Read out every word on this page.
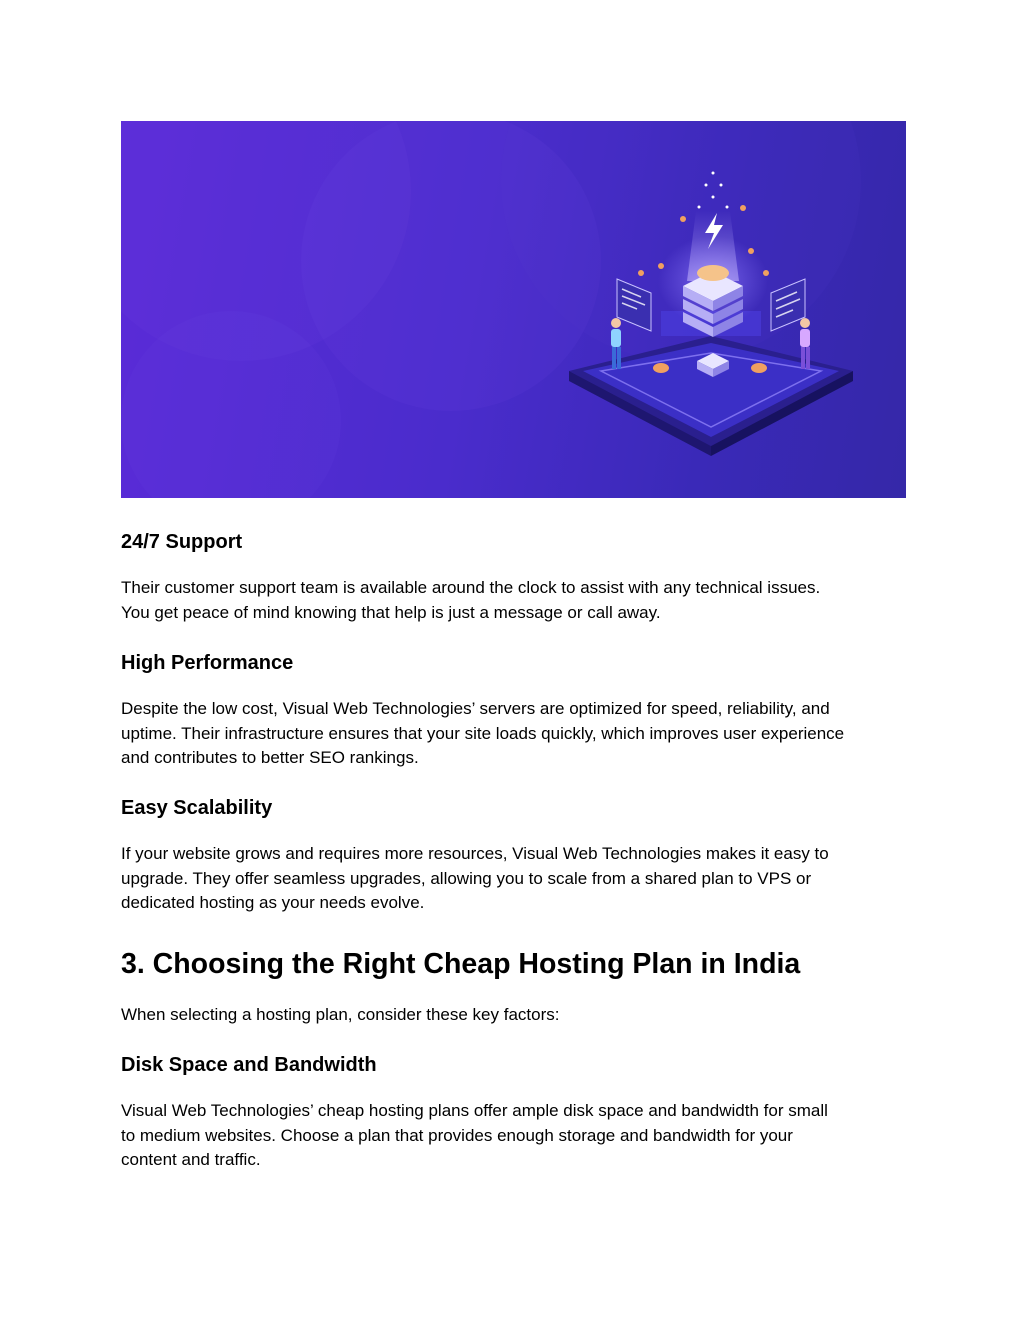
24/7 Support

Their customer support team is available around the clock to assist with any technical issues.
You get peace of mind knowing that help is just a message or call away.

High Performance

Despite the low cost, Visual Web Technologies’ servers are optimized for speed, reliability, and
uptime. Their infrastructure ensures that your site loads quickly, which improves user experience
and contributes to better SEO rankings.

Easy Scalability

If your website grows and requires more resources, Visual Web Technologies makes it easy to
upgrade. They offer seamless upgrades, allowing you to scale from a shared plan to VPS or
dedicated hosting as your needs evolve.

3. Choosing the Right Cheap Hosting Plan in India

When selecting a hosting plan, consider these key factors:

Disk Space and Bandwidth

Visual Web Technologies’ cheap hosting plans offer ample disk space and bandwidth for small
to medium websites. Choose a plan that provides enough storage and bandwidth for your
content and traffic.
